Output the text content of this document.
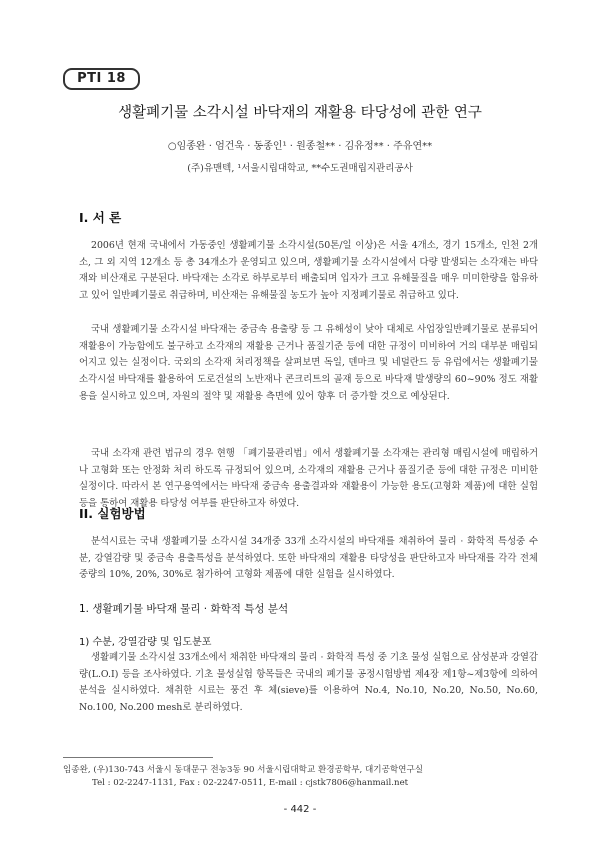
PTI 18
생활폐기물 소각시설 바닥재의 재활용 타당성에 관한 연구
○임종완 · 엄건욱 · 동종인¹ · 원종철** · 김유정** · 주유연**
(주)유맨텍, ¹서울시립대학교, **수도권매립지관리공사
I. 서 론

2006년 현재 국내에서 가동중인 생활폐기물 소각시설(50톤/일 이상)은 서울 4개소, 경기 15개소, 인천 2개소, 그 외 지역 12개소 등 총 34개소가 운영되고 있으며, 생활폐기물 소각시설에서 다량 발생되는 소각재는 바닥재와 비산재로 구분된다. 바닥재는 소각로 하부로부터 배출되며 입자가 크고 유해물질을 매우 미미한량을 함유하고 있어 일반폐기물로 취급하며, 비산재는 유해물질 농도가 높아 지정폐기물로 취급하고 있다.

국내 생활폐기물 소각시설 바닥재는 중금속 용출량 등 그 유해성이 낮아 대체로 사업장일반폐기물로 분류되어 재활용이 가능함에도 불구하고 소각재의 재활용 근거나 품질기준 등에 대한 규정이 미비하여 거의 대부분 매립되어지고 있는 실정이다. 국외의 소각재 처리정책을 살펴보면 독일, 덴마크 및 네덜란드 등 유럽에서는 생활폐기물 소각시설 바닥재를 활용하여 도로건설의 노반재나 콘크리트의 골재 등으로 바닥재 발생량의 60~90% 정도 재활용을 실시하고 있으며, 자원의 절약 및 재활용 측면에 있어 향후 더 증가할 것으로 예상된다.

국내 소각재 관련 법규의 경우 현행 「폐기물관리법」에서 생활폐기물 소각재는 관리형 매립시설에 매립하거나 고형화 또는 안정화 처리 하도록 규정되어 있으며, 소각재의 재활용 근거나 품질기준 등에 대한 규정은 미비한 실정이다. 따라서 본 연구용역에서는 바닥재 중금속 용출결과와 재활용이 가능한 용도(고형화 제품)에 대한 실험 등을 통하여 재활용 타당성 여부를 판단하고자 하였다.

II. 실험방법

분석시료는 국내 생활폐기물 소각시설 34개중 33개 소각시설의 바닥재를 채취하여 물리 · 화학적 특성중 수분, 강열감량 및 중금속 용출특성을 분석하였다. 또한 바닥재의 재활용 타당성을 판단하고자 바닥재를 각각 전체 중량의 10%, 20%, 30%로 첨가하여 고형화 제품에 대한 실험을 실시하였다.

1. 생활폐기물 바닥재 물리 · 화학적 특성 분석
1) 수분, 강열감량 및 입도분포

생활폐기물 소각시설 33개소에서 채취한 바닥재의 물리 · 화학적 특성 중 기초 물성 실험으로 삼성분과 강열감량(L.O.I) 등을 조사하였다. 기초 물성실험 항목들은 국내의 폐기물 공정시험방법 제4장 제1항~제3항에 의하여 분석을 실시하였다. 채취한 시료는 풍건 후 체(sieve)를 이용하여 No.4, No.10, No.20, No.50, No.60, No.100, No.200 mesh로 분리하였다.

임종완, (우)130-743 서울시 동대문구 전농3동 90 서울시립대학교 환경공학부, 대기공학연구실
Tel : 02-2247-1131, Fax : 02-2247-0511, E-mail : cjstk7806@hanmail.net
- 442 -
